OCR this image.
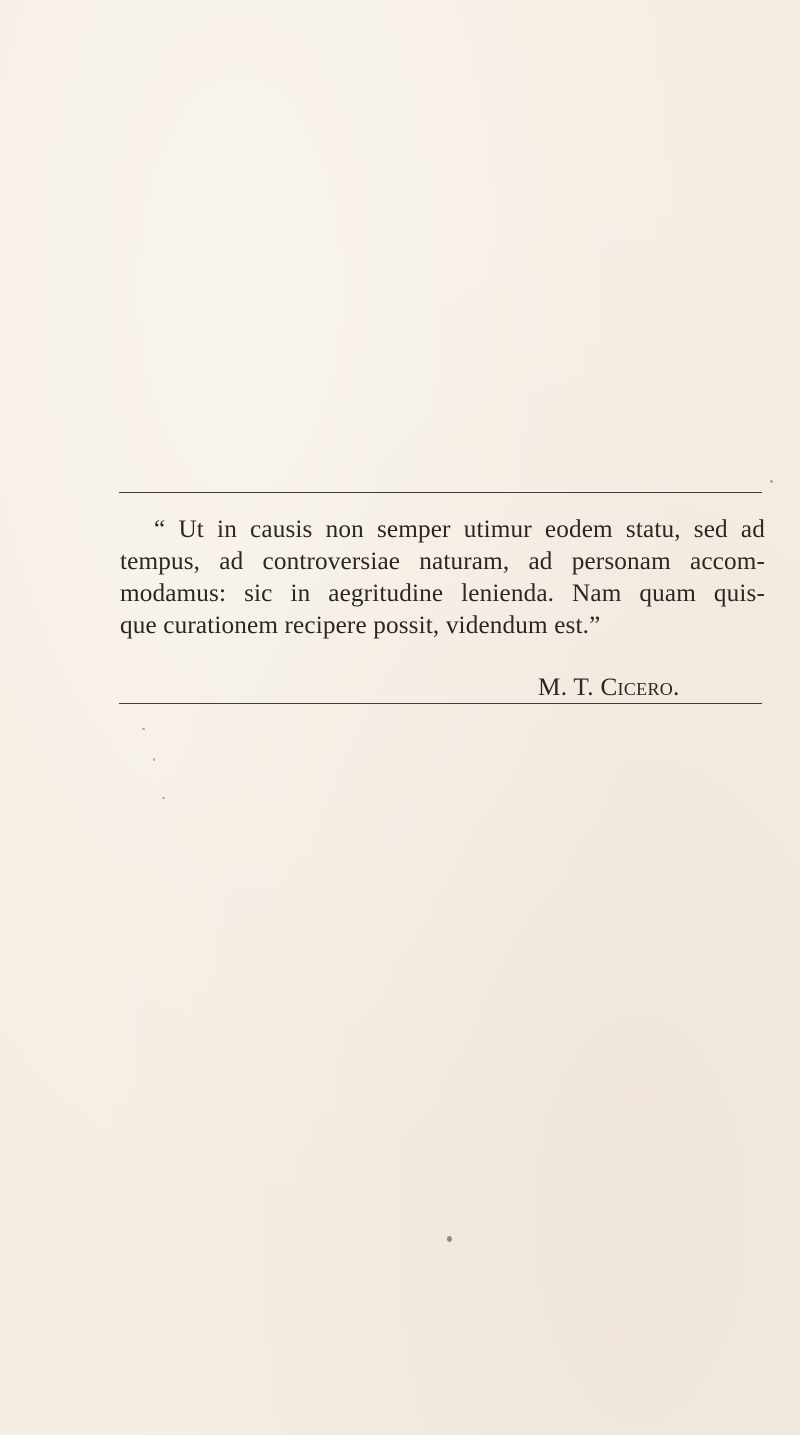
“ Ut in causis non semper utimur eodem statu, sed ad
tempus, ad controversiae naturam, ad personam accom-
modamus: sic in aegritudine lenienda. Nam quam quis-
que curationem recipere possit, videndum est.”
M. T. Cicero.
